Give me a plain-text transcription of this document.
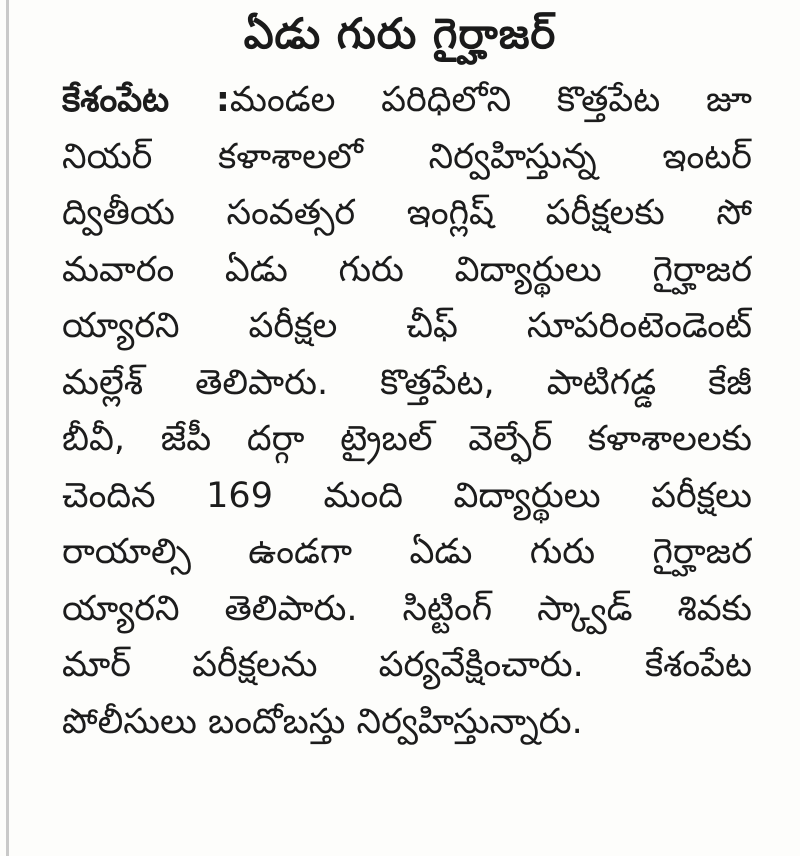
ఏడు గురు గైర్హాజర్
కేశంపేట :మండల పరిధిలోని కొత్తపేట జూ
నియర్ కళాశాలలో నిర్వహిస్తున్న ఇంటర్
ద్వితీయ సంవత్సర ఇంగ్లిష్ పరీక్షలకు సో
మవారం ఏడు గురు విద్యార్థులు గైర్హాజర
య్యారని పరీక్షల చీఫ్ సూపరింటెండెంట్
మల్లేశ్ తెలిపారు. కొత్తపేట, పాటిగడ్డ కేజీ
బీవీ, జేపీ దర్గా ట్రైబల్ వెల్ఫేర్ కళాశాలలకు
చెందిన 169 మంది విద్యార్థులు పరీక్షలు
రాయాల్సి ఉండగా ఏడు గురు గైర్హాజర
య్యారని తెలిపారు. సిట్టింగ్ స్క్వాడ్ శివకు
మార్ పరీక్షలను పర్యవేక్షించారు. కేశంపేట
పోలీసులు బందోబస్తు నిర్వహిస్తున్నారు.
